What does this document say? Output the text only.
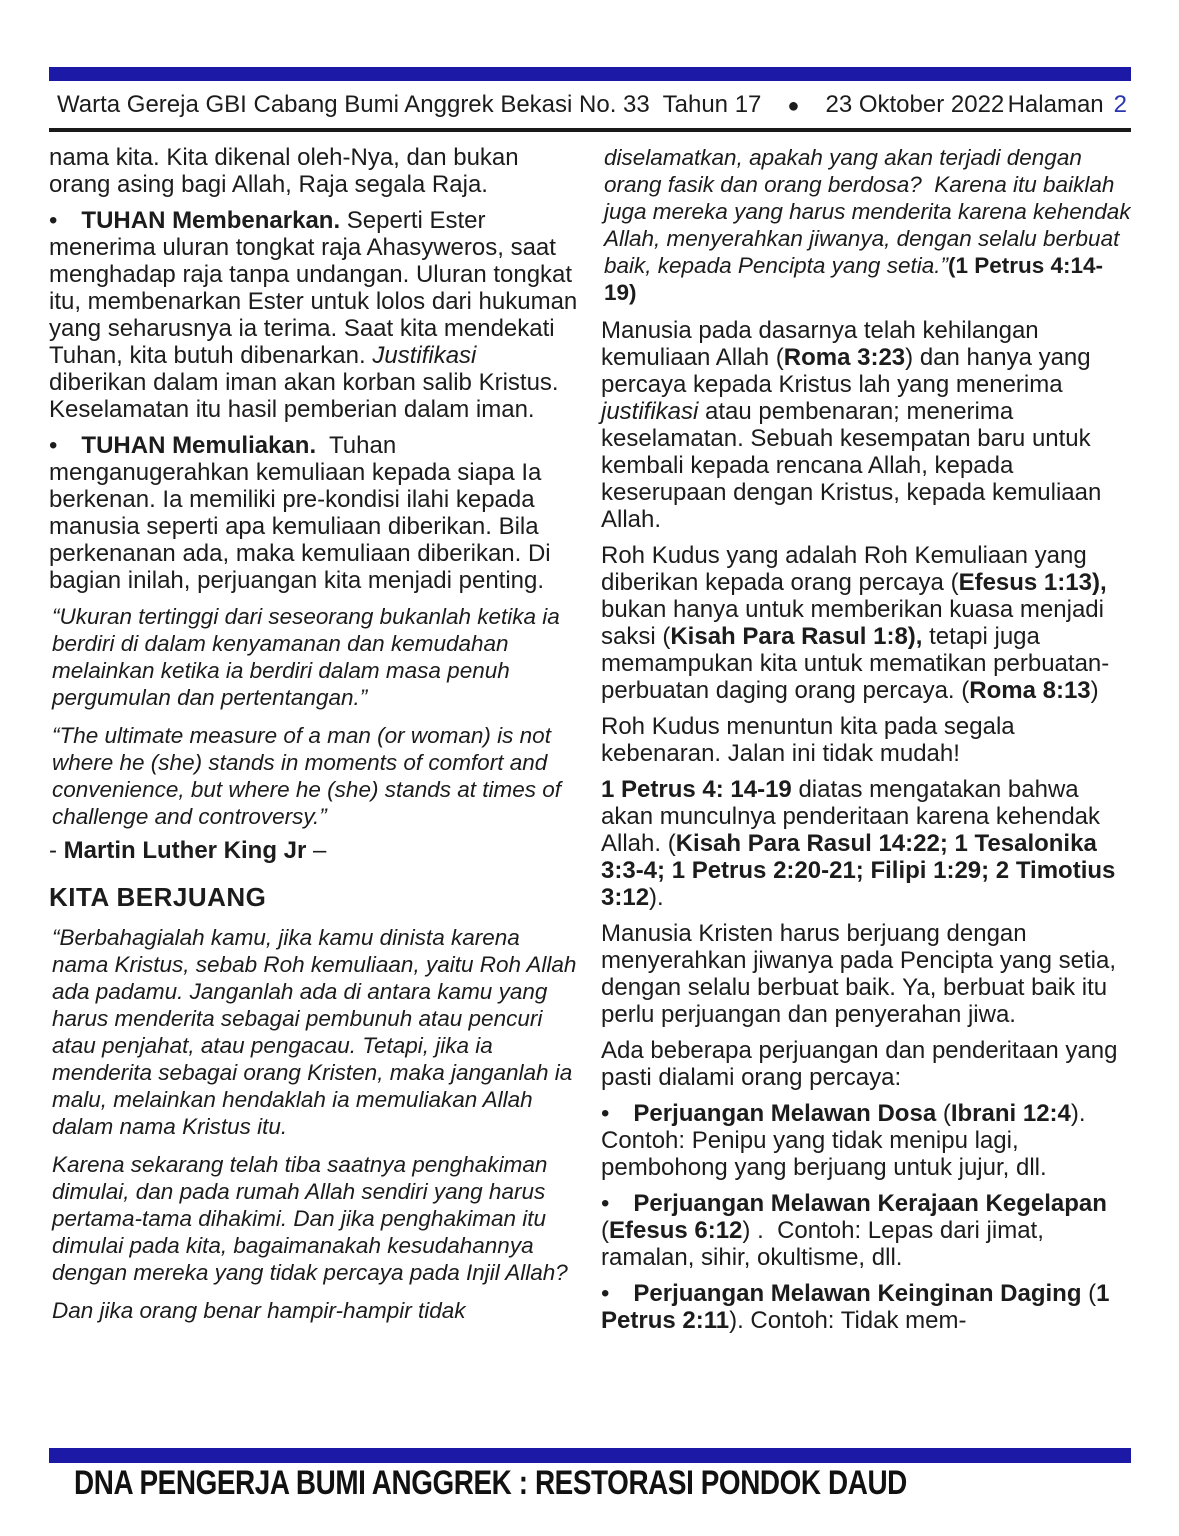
Warta Gereja GBI Cabang Bumi Anggrek Bekasi No. 33  Tahun 17 ● 23 Oktober 2022 Halaman 2

nama kita. Kita dikenal oleh-Nya, dan bukan orang asing bagi Allah, Raja segala Raja.

•  TUHAN Membenarkan. Seperti Ester menerima uluran tongkat raja Ahasyweros, saat menghadap raja tanpa undangan. Uluran tongkat itu, membenarkan Ester untuk lolos dari hukuman yang seharusnya ia terima. Saat kita mendekati Tuhan, kita butuh dibenarkan. Justifikasi diberikan dalam iman akan korban salib Kristus. Keselamatan itu hasil pemberian dalam iman.

•  TUHAN Memuliakan.  Tuhan menganugerahkan kemuliaan kepada siapa Ia berkenan. Ia memiliki pre-kondisi ilahi kepada manusia seperti apa kemuliaan diberikan. Bila perkenanan ada, maka kemuliaan diberikan. Di bagian inilah, perjuangan kita menjadi penting.

“Ukuran tertinggi dari seseorang bukanlah ketika ia berdiri di dalam kenyamanan dan kemudahan  melainkan ketika ia berdiri dalam masa penuh pergumulan dan pertentangan.”

“The ultimate measure of a man (or woman) is not where he (she) stands in moments of comfort and convenience, but where he (she) stands at times of challenge and controversy.”

- Martin Luther King Jr –

KITA BERJUANG

“Berbahagialah kamu, jika kamu dinista karena nama Kristus, sebab Roh kemuliaan, yaitu Roh Allah ada padamu. Janganlah ada di antara kamu yang harus menderita sebagai pembunuh atau pencuri atau penjahat, atau pengacau. Tetapi, jika ia menderita sebagai orang Kristen, maka janganlah ia malu, melainkan hendaklah ia memuliakan Allah dalam nama Kristus itu.

Karena sekarang telah tiba saatnya penghakiman dimulai, dan pada rumah Allah sendiri yang harus pertama-tama dihakimi. Dan jika penghakiman itu dimulai pada kita, bagaimanakah kesudahannya dengan mereka yang tidak percaya pada Injil Allah?

Dan jika orang benar hampir-hampir tidak

diselamatkan, apakah yang akan terjadi dengan orang fasik dan orang berdosa?  Karena itu baiklah juga mereka yang harus menderita karena kehendak Allah, menyerahkan jiwanya, dengan selalu berbuat baik, kepada Pencipta yang setia.”(1 Petrus 4:14-19)

Manusia pada dasarnya telah kehilangan kemuliaan Allah (Roma 3:23) dan hanya yang percaya kepada Kristus lah yang menerima justifikasi atau pembenaran; menerima keselamatan. Sebuah kesempatan baru untuk kembali kepada rencana Allah, kepada keserupaan dengan Kristus, kepada kemuliaan Allah.

Roh Kudus yang adalah Roh Kemuliaan yang diberikan kepada orang percaya (Efesus 1:13), bukan hanya untuk memberikan kuasa menjadi saksi (Kisah Para Rasul 1:8), tetapi juga memampukan kita untuk mematikan perbuatan-perbuatan daging orang percaya. (Roma 8:13)

Roh Kudus menuntun kita pada segala kebenaran. Jalan ini tidak mudah!

1 Petrus 4: 14-19 diatas mengatakan bahwa akan munculnya penderitaan karena kehendak Allah. (Kisah Para Rasul 14:22; 1 Tesalonika 3:3-4; 1 Petrus 2:20-21; Filipi 1:29; 2 Timotius 3:12).

Manusia Kristen harus berjuang dengan menyerahkan jiwanya pada Pencipta yang setia, dengan selalu berbuat baik. Ya, berbuat baik itu perlu perjuangan dan penyerahan jiwa.

Ada beberapa perjuangan dan penderitaan yang pasti dialami orang percaya:

•  Perjuangan Melawan Dosa (Ibrani 12:4).   Contoh: Penipu yang tidak menipu lagi, pembohong yang berjuang untuk jujur, dll.

•  Perjuangan Melawan Kerajaan Kegelapan (Efesus 6:12) .  Contoh: Lepas dari jimat, ramalan, sihir, okultisme, dll.

•  Perjuangan Melawan Keinginan Daging (1 Petrus 2:11). Contoh: Tidak mem-

DNA PENGERJA BUMI ANGGREK : RESTORASI PONDOK DAUD
